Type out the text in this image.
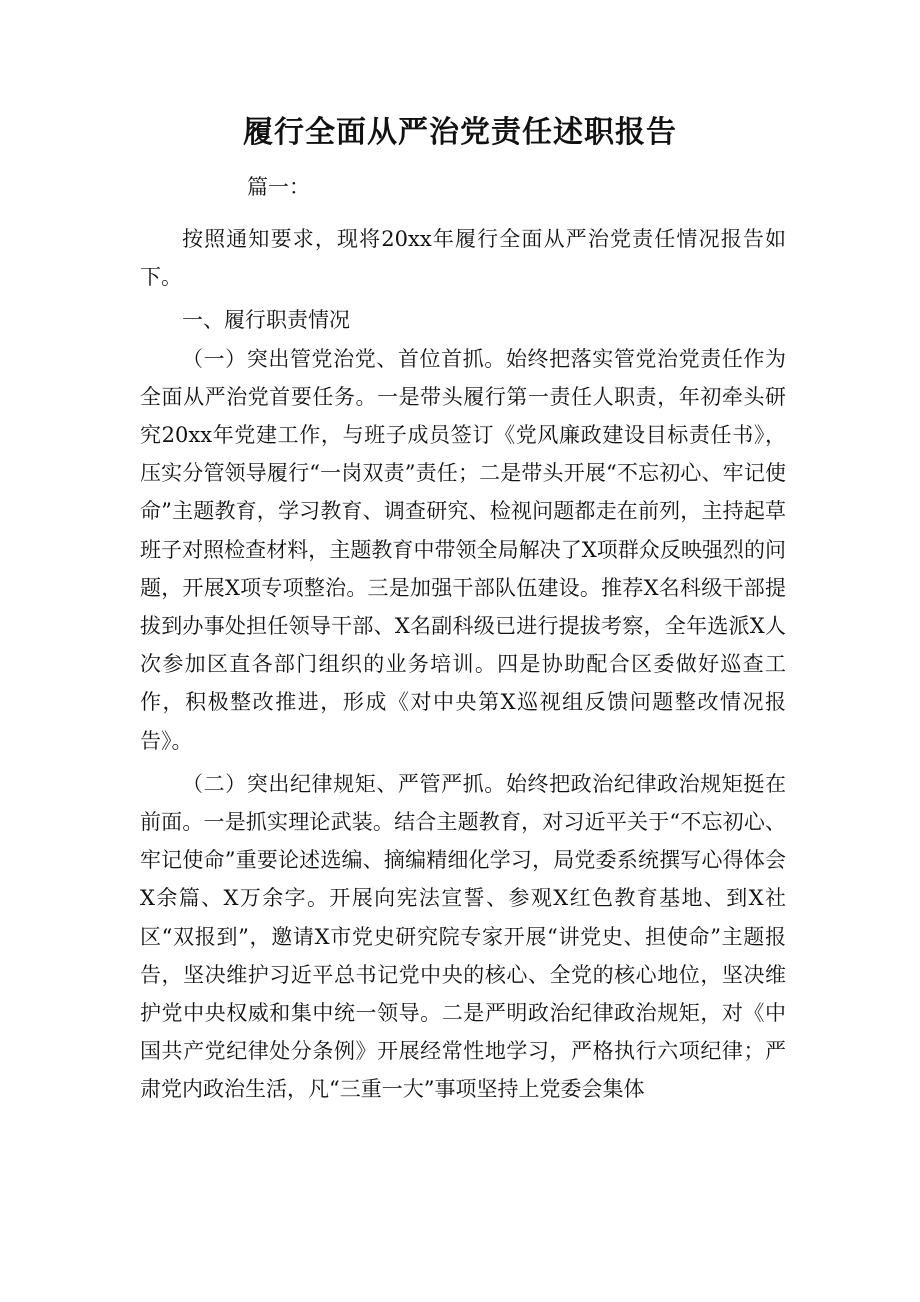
履行全面从严治党责任述职报告
篇一：

按照通知要求，现将20xx年履行全面从严治党责任情况报告如下。

一、履行职责情况

（一）突出管党治党、首位首抓。始终把落实管党治党责任作为全面从严治党首要任务。一是带头履行第一责任人职责，年初牵头研究20xx年党建工作，与班子成员签订《党风廉政建设目标责任书》，压实分管领导履行“一岗双责”责任；二是带头开展“不忘初心、牢记使命”主题教育，学习教育、调查研究、检视问题都走在前列，主持起草班子对照检查材料，主题教育中带领全局解决了X项群众反映强烈的问题，开展X项专项整治。三是加强干部队伍建设。推荐X名科级干部提拔到办事处担任领导干部、X名副科级已进行提拔考察，全年选派X人次参加区直各部门组织的业务培训。四是协助配合区委做好巡查工作，积极整改推进，形成《对中央第X巡视组反馈问题整改情况报告》。

（二）突出纪律规矩、严管严抓。始终把政治纪律政治规矩挺在前面。一是抓实理论武装。结合主题教育，对习近平关于“不忘初心、牢记使命”重要论述选编、摘编精细化学习，局党委系统撰写心得体会X余篇、X万余字。开展向宪法宣誓、参观X红色教育基地、到X社区“双报到”，邀请X市党史研究院专家开展“讲党史、担使命”主题报告，坚决维护习近平总书记党中央的核心、全党的核心地位，坚决维护党中央权威和集中统一领导。二是严明政治纪律政治规矩，对《中国共产党纪律处分条例》开展经常性地学习，严格执行六项纪律；严肃党内政治生活，凡“三重一大”事项坚持上党委会集体
